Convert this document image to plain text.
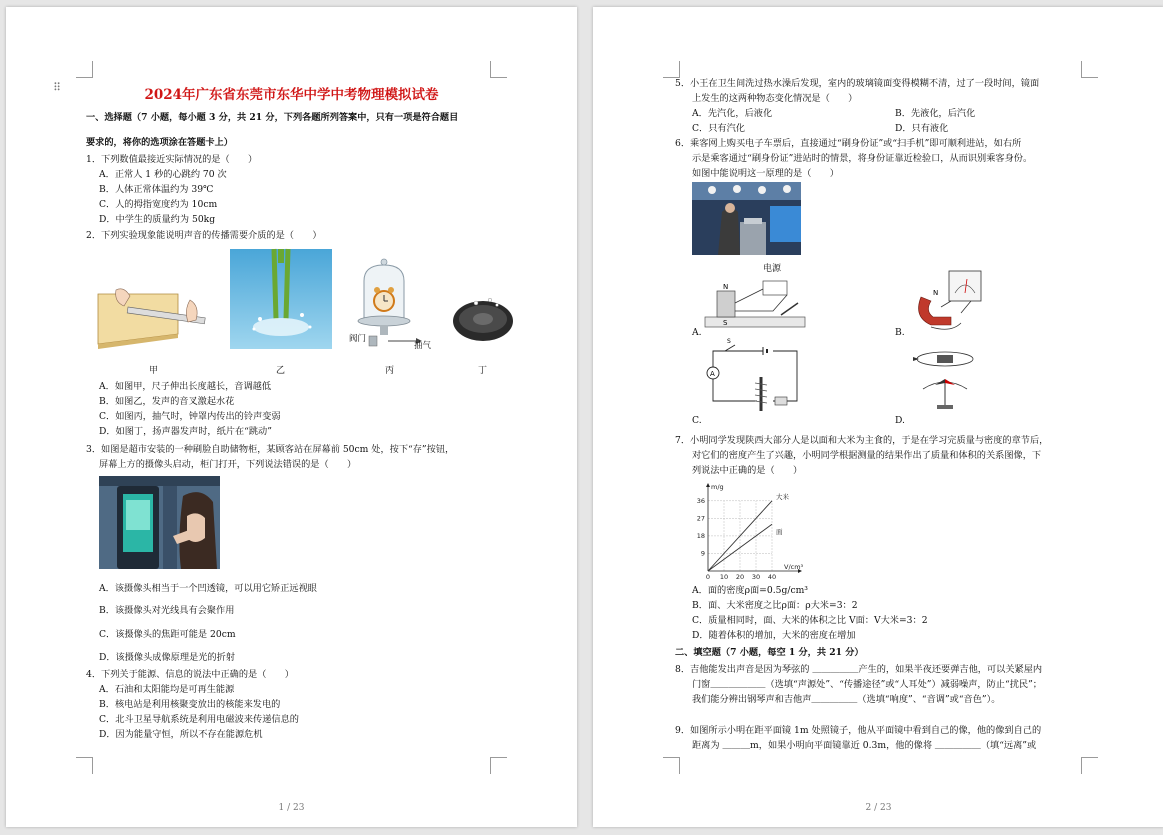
⠿	2024年广东省东莞市东华中学中考物理模拟试卷
一、选择题（7 小题，每小题 3 分，共 21 分，下列各题所列答案中，只有一项是符合题目
要求的，将你的选项涂在答题卡上）
1．下列数值最接近实际情况的是（　　）
A．正常人 1 秒的心跳约 70 次
B．人体正常体温约为 39℃
C．人的拇指宽度约为 10cm
D．中学生的质量约为 50kg
2．下列实验现象能说明声音的传播需要介质的是（　　）
甲	乙
阀门
抽气
丙	丁
A．如图甲，尺子伸出长度越长，音调越低
B．如图乙，发声的音叉激起水花
C．如图丙，抽气时，钟罩内传出的铃声变弱
D．如图丁，扬声器发声时，纸片在“跳动”
3．如图是超市安装的一种刷脸自助储物柜，某顾客站在屏幕前 50cm 处，按下“存”按钮，
屏幕上方的摄像头启动，柜门打开，下列说法错误的是（　　）
A．该摄像头相当于一个凹透镜，可以用它矫正远视眼
B．该摄像头对光线具有会聚作用
C．该摄像头的焦距可能是 20cm
D．该摄像头成像原理是光的折射
4．下列关于能源、信息的说法中正确的是（　　）
A．石油和太阳能均是可再生能源
B．核电站是利用核聚变放出的核能来发电的
C．北斗卫星导航系统是利用电磁波来传递信息的
D．因为能量守恒，所以不存在能源危机
1 / 23
5．小王在卫生间洗过热水澡后发现，室内的玻璃镜面变得模糊不清，过了一段时间，镜面
上发生的这两种物态变化情况是（　　）
A．先汽化，后液化	B．先液化，后汽化
C．只有汽化	D．只有液化
6．乘客网上购买电子车票后，直接通过“刷身份证”或“扫手机”即可顺利进站，如右所
示是乘客通过“刷身份证”进站时的情景，将身份证靠近检验口，从而识别乘客身份。
如图中能说明这一原理的是（　　）
电源
N
S
A.
N
B.
A
S
C.	D.
7．小明同学发现陕西大部分人是以面和大米为主食的，于是在学习完质量与密度的章节后，
对它们的密度产生了兴趣，小明同学根据测量的结果作出了质量和体积的关系图像，下
列说法中正确的是（　　）
9
18
27
36
0 10 20 30 40
m/g
V/cm³
大米
面
A．面的密度ρ面=0.5g/cm³
B．面、大米密度之比ρ面：ρ大米=3：2
C．质量相同时，面、大米的体积之比 V面：V大米=3：2
D．随着体积的增加，大米的密度在增加
二、填空题（7 小题，每空 1 分，共 21 分）
8．吉他能发出声音是因为琴弦的 ＿＿＿＿＿产生的，如果半夜还要弹吉他，可以关紧屋内
门窗＿＿＿＿＿＿（选填“声源处”、“传播途径”或“人耳处”）减弱噪声，防止“扰民”；
我们能分辨出钢琴声和吉他声＿＿＿＿＿（选填“响度”、“音调”或“音色”）。
9．如图所示小明在距平面镜 1m 处照镜子，他从平面镜中看到自己的像，他的像到自己的
距离为 ＿＿＿m，如果小明向平面镜靠近 0.3m，他的像将 ＿＿＿＿＿（填“远离”或
2 / 23
